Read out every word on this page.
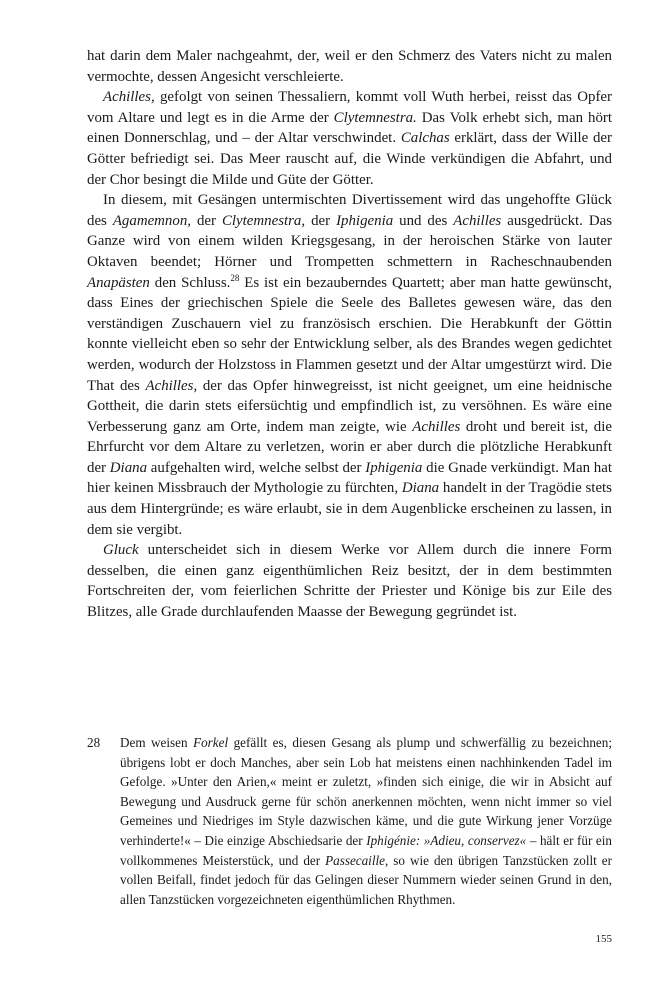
hat darin dem Maler nachgeahmt, der, weil er den Schmerz des Vaters nicht zu malen vermochte, dessen Angesicht verschleierte.

Achilles, gefolgt von seinen Thessaliern, kommt voll Wuth herbei, reisst das Opfer vom Altare und legt es in die Arme der Clytemnestra. Das Volk erhebt sich, man hört einen Donnerschlag, und – der Altar verschwindet. Calchas erklärt, dass der Wille der Götter befriedigt sei. Das Meer rauscht auf, die Winde verkündigen die Abfahrt, und der Chor besingt die Milde und Güte der Götter.

In diesem, mit Gesängen untermischten Divertissement wird das ungehoffte Glück des Agamemnon, der Clytemnestra, der Iphigenia und des Achilles ausgedrückt. Das Ganze wird von einem wilden Kriegsgesang, in der heroischen Stärke von lauter Oktaven beendet; Hörner und Trompetten schmettern in Racheschnaubenden Anapästen den Schluss.$^{28}$ Es ist ein bezauberndes Quartett; aber man hatte gewünscht, dass Eines der griechischen Spiele die Seele des Balletes gewesen wäre, das den verständigen Zuschauern viel zu französisch erschien. Die Herabkunft der Göttin konnte vielleicht eben so sehr der Entwicklung selber, als des Brandes wegen gedichtet werden, wodurch der Holzstoss in Flammen gesetzt und der Altar umgestürzt wird. Die That des Achilles, der das Opfer hinwegreisst, ist nicht geeignet, um eine heidnische Gottheit, die darin stets eifersüchtig und empfindlich ist, zu versöhnen. Es wäre eine Verbesserung ganz am Orte, indem man zeigte, wie Achilles droht und bereit ist, die Ehrfurcht vor dem Altare zu verletzen, worin er aber durch die plötzliche Herabkunft der Diana aufgehalten wird, welche selbst der Iphigenia die Gnade verkündigt. Man hat hier keinen Missbrauch der Mythologie zu fürchten, Diana handelt in der Tragödie stets aus dem Hintergründe; es wäre erlaubt, sie in dem Augenblicke erscheinen zu lassen, in dem sie vergibt.

Gluck unterscheidet sich in diesem Werke vor Allem durch die innere Form desselben, die einen ganz eigenthümlichen Reiz besitzt, der in dem bestimmten Fortschreiten der, vom feierlichen Schritte der Priester und Könige bis zur Eile des Blitzes, alle Grade durchlaufenden Maasse der Bewegung gegründet ist.

28 Dem weisen Forkel gefällt es, diesen Gesang als plump und schwerfällig zu bezeichnen; übrigens lobt er doch Manches, aber sein Lob hat meistens einen nachhinkenden Tadel im Gefolge. »Unter den Arien,« meint er zuletzt, »finden sich einige, die wir in Absicht auf Bewegung und Ausdruck gerne für schön anerkennen möchten, wenn nicht immer so viel Gemeines und Niedriges im Style dazwischen käme, und die gute Wirkung jener Vorzüge verhinderte!« – Die einzige Abschiedsarie der Iphigénie: »Adieu, conservez« – hält er für ein vollkommenes Meisterstück, und der Passecaille, so wie den übrigen Tanzstücken zollt er vollen Beifall, findet jedoch für das Gelingen dieser Nummern wieder seinen Grund in den, allen Tanzstücken vorgezeichneten eigenthümlichen Rhythmen.
155
